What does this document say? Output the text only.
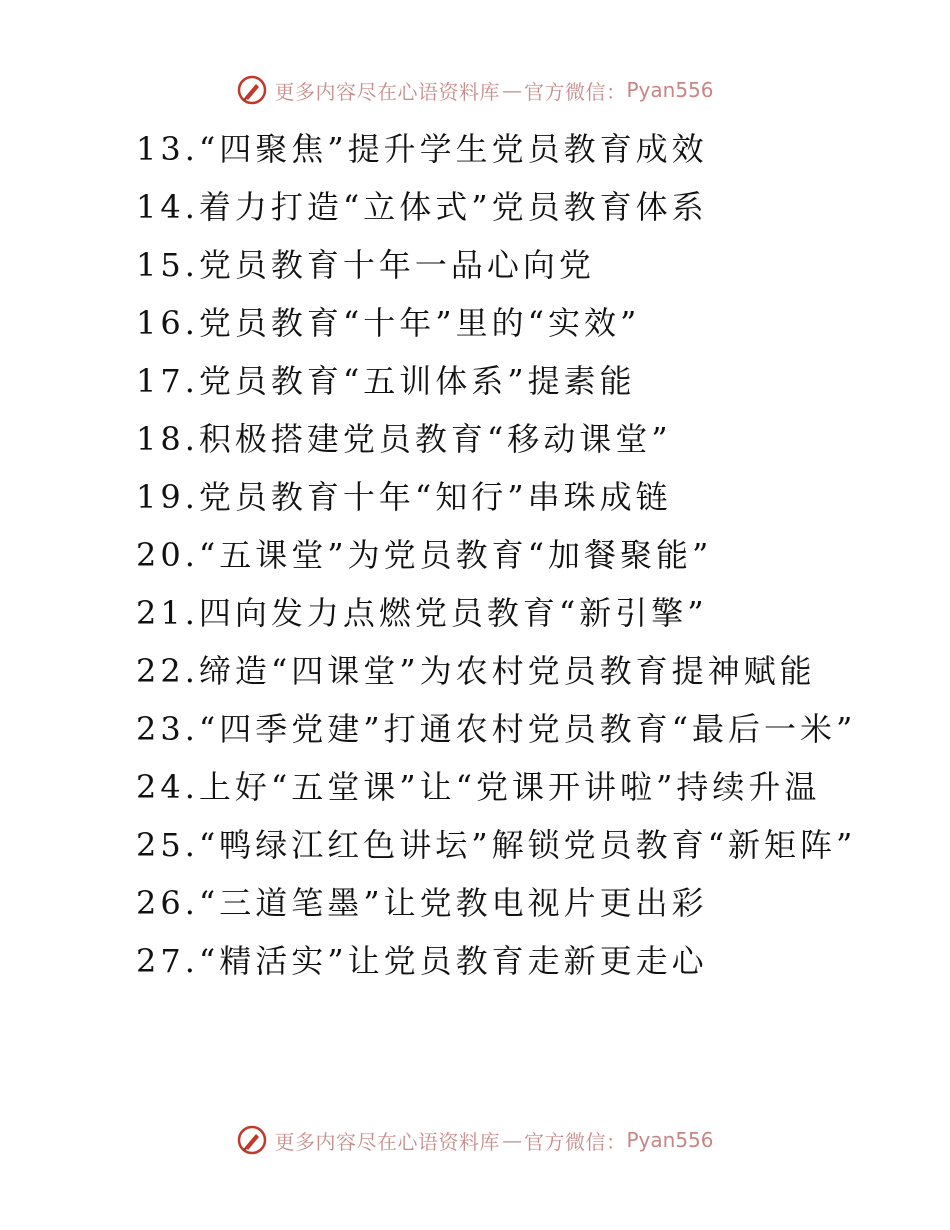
更多内容尽在心语资料库 — 官方微信： Pyan556

13.“四聚焦”提升学生党员教育成效

14.着力打造“立体式”党员教育体系

15.党员教育十年一品心向党

16.党员教育“十年”里的“实效”

17.党员教育“五训体系”提素能

18.积极搭建党员教育“移动课堂”

19.党员教育十年“知行”串珠成链

20.“五课堂”为党员教育“加餐聚能”

21.四向发力点燃党员教育“新引擎”

22.缔造“四课堂”为农村党员教育提神赋能

23.“四季党建”打通农村党员教育“最后一米”

24.上好“五堂课”让“党课开讲啦”持续升温

25.“鸭绿江红色讲坛”解锁党员教育“新矩阵”

26.“三道笔墨”让党教电视片更出彩

27.“精活实”让党员教育走新更走心

更多内容尽在心语资料库 — 官方微信： Pyan556
